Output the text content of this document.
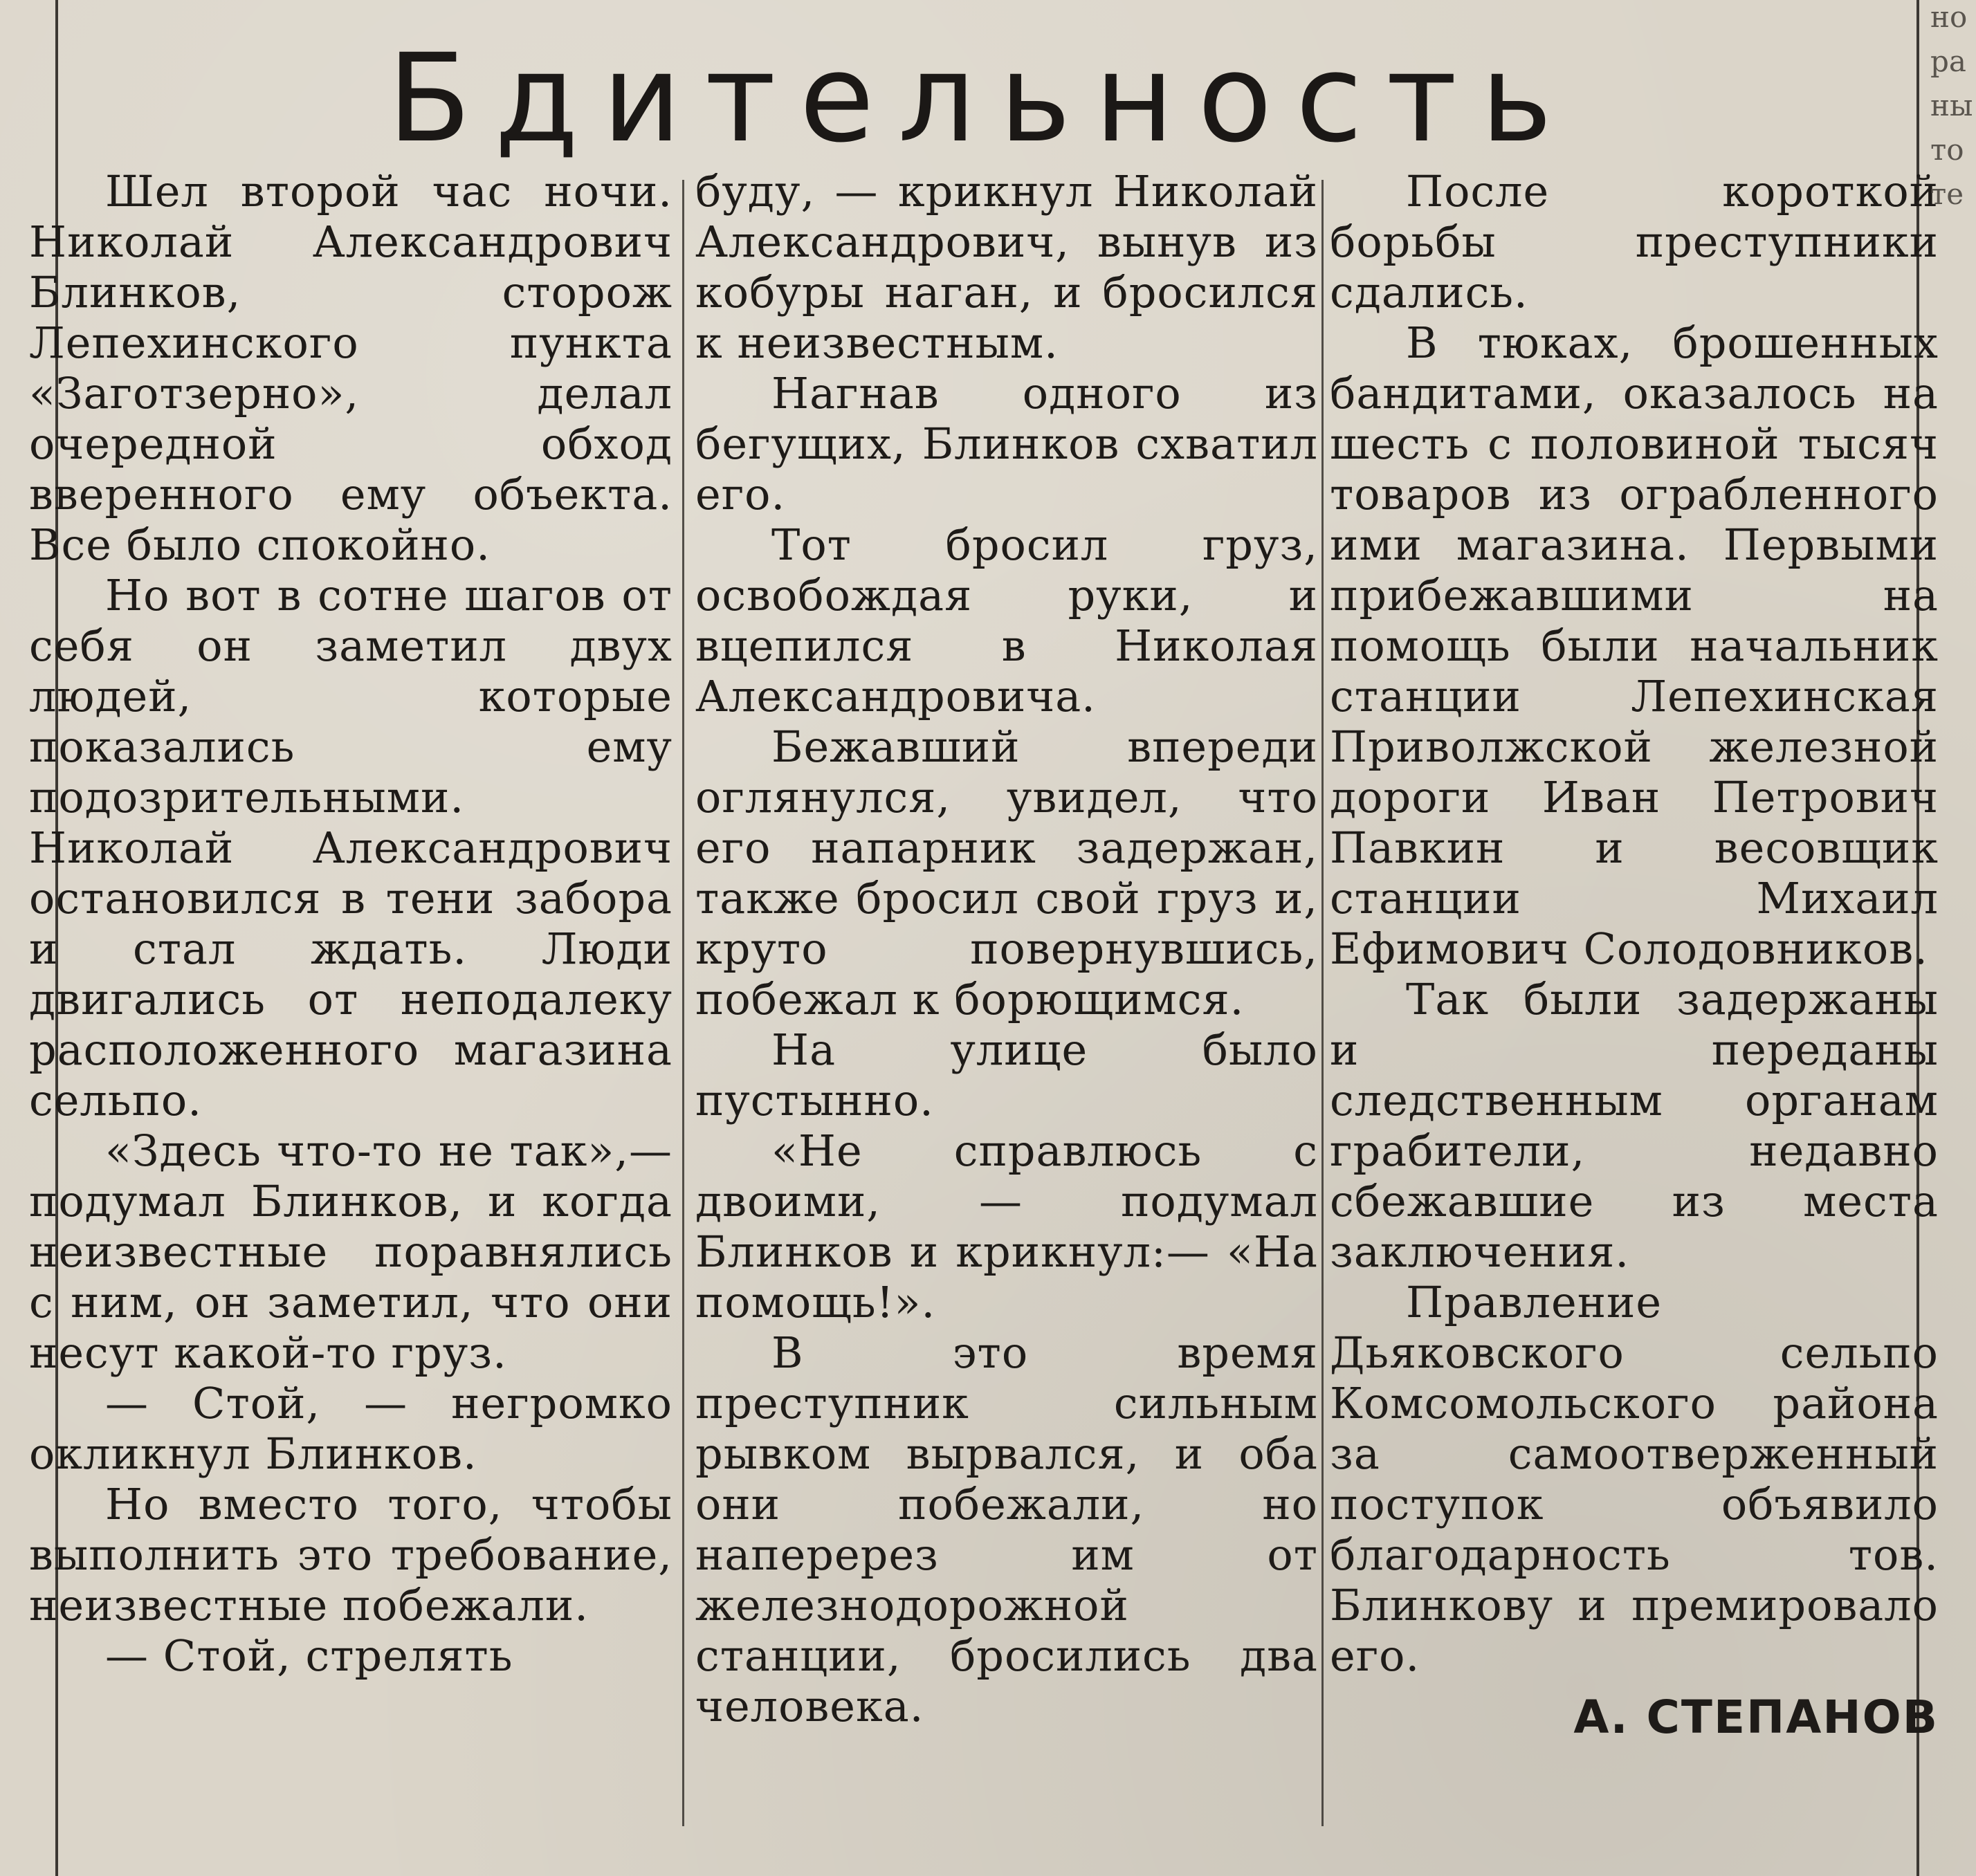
Бдительность

Шел второй час ночи. Николай Александрович Блинков, сторож Лепехинского пункта «Заготзерно», делал очередной обход вверенного ему объекта. Все было спокойно.

Но вот в сотне шагов от себя он заметил двух людей, которые показались ему подозрительными. Николай Александрович остановился в тени забора и стал ждать. Люди двигались от неподалеку расположенного магазина сельпо.

«Здесь что-то не так»,—подумал Блинков, и когда неизвестные поравнялись с ним, он заметил, что они несут какой-то груз.

— Стой, — негромко окликнул Блинков.

Но вместо того, чтобы выполнить это требование, неизвестные побежали.

— Стой, стрелять

буду, — крикнул Николай Александрович, вынув из кобуры наган, и бросился к неизвестным.

Нагнав одного из бегущих, Блинков схватил его.

Тот бросил груз, освобождая руки, и вцепился в Николая Александровича.

Бежавший впереди оглянулся, увидел, что его напарник задержан, также бросил свой груз и, круто повернувшись, побежал к борющимся.

На улице было пустынно.

«Не справлюсь с двоими, — подумал Блинков и крикнул:— «На помощь!».

В это время преступник сильным рывком вырвался, и оба они побежали, но наперерез им от железнодорожной станции, бросились два человека.

После короткой борьбы преступники сдались.

В тюках, брошенных бандитами, оказалось на шесть с половиной тысяч товаров из ограбленного ими магазина. Первыми прибежавшими на помощь были начальник станции Лепехинская Приволжской железной дороги Иван Петрович Павкин и весовщик станции Михаил Ефимович Солодовников.

Так были задержаны и переданы следственным органам грабители, недавно сбежавшие из места заключения.

Правление Дьяковского сельпо Комсомольского района за самоотверженный поступок объявило благодарность тов. Блинкову и премировало его.

А. СТЕПАНОВ

но
ра
ны
то
те
